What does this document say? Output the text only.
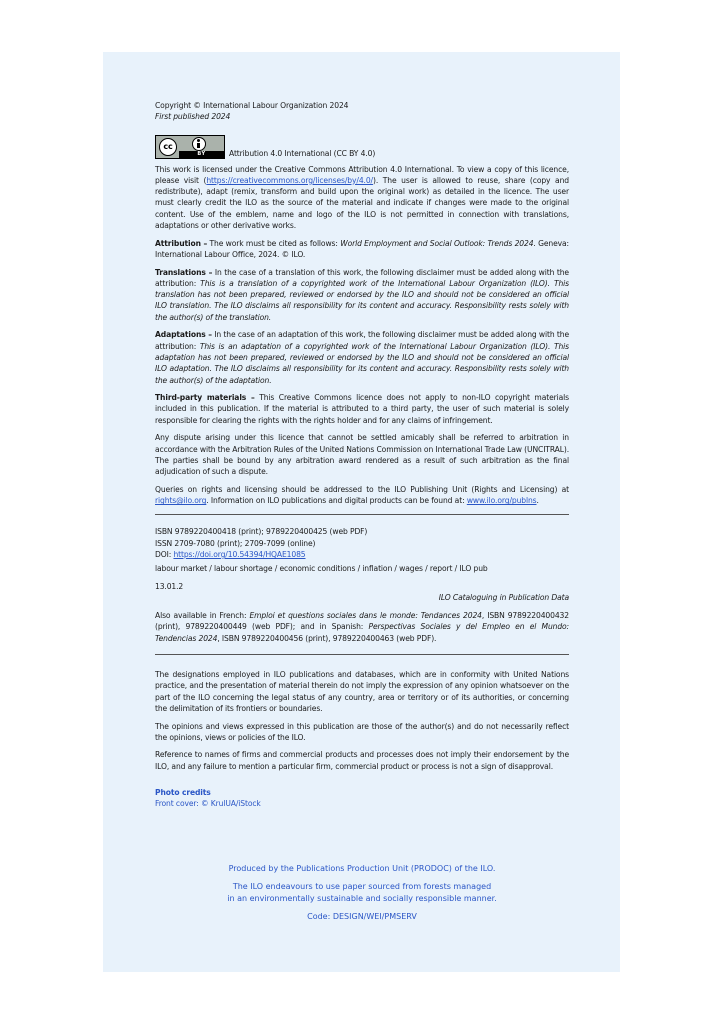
Copyright © International Labour Organization 2024

First published 2024

cc
BY	Attribution 4.0 International (CC BY 4.0)

This work is licensed under the Creative Commons Attribution 4.0 International. To view a copy of this licence, please visit (https://creativecommons.org/licenses/by/4.0/). The user is allowed to reuse, share (copy and redistribute), adapt (remix, transform and build upon the original work) as detailed in the licence. The user must clearly credit the ILO as the source of the material and indicate if changes were made to the original content. Use of the emblem, name and logo of the ILO is not permitted in connection with translations, adaptations or other derivative works.

Attribution – The work must be cited as follows: World Employment and Social Outlook: Trends 2024. Geneva: International Labour Office, 2024. © ILO.

Translations – In the case of a translation of this work, the following disclaimer must be added along with the attribution: This is a translation of a copyrighted work of the International Labour Organization (ILO). This translation has not been prepared, reviewed or endorsed by the ILO and should not be considered an official ILO translation. The ILO disclaims all responsibility for its content and accuracy. Responsibility rests solely with the author(s) of the translation.

Adaptations – In the case of an adaptation of this work, the following disclaimer must be added along with the attribution: This is an adaptation of a copyrighted work of the International Labour Organization (ILO). This adaptation has not been prepared, reviewed or endorsed by the ILO and should not be considered an official ILO adaptation. The ILO disclaims all responsibility for its content and accuracy. Responsibility rests solely with the author(s) of the adaptation.

Third-party materials – This Creative Commons licence does not apply to non-ILO copyright materials included in this publication. If the material is attributed to a third party, the user of such material is solely responsible for clearing the rights with the rights holder and for any claims of infringement.

Any dispute arising under this licence that cannot be settled amicably shall be referred to arbitration in accordance with the Arbitration Rules of the United Nations Commission on International Trade Law (UNCITRAL). The parties shall be bound by any arbitration award rendered as a result of such arbitration as the final adjudication of such a dispute.

Queries on rights and licensing should be addressed to the ILO Publishing Unit (Rights and Licensing) at rights@ilo.org. Information on ILO publications and digital products can be found at: www.ilo.org/publns.

ISBN 9789220400418 (print); 9789220400425 (web PDF)

ISSN 2709-7080 (print); 2709-7099 (online)

DOI: https://doi.org/10.54394/HQAE1085

labour market / labour shortage / economic conditions / inflation / wages / report / ILO pub

13.01.2

ILO Cataloguing in Publication Data

Also available in French: Emploi et questions sociales dans le monde: Tendances 2024, ISBN 9789220400432 (print), 9789220400449 (web PDF); and in Spanish: Perspectivas Sociales y del Empleo en el Mundo: Tendencias 2024, ISBN 9789220400456 (print), 9789220400463 (web PDF).

The designations employed in ILO publications and databases, which are in conformity with United Nations practice, and the presentation of material therein do not imply the expression of any opinion whatsoever on the part of the ILO concerning the legal status of any country, area or territory or of its authorities, or concerning the delimitation of its frontiers or boundaries.

The opinions and views expressed in this publication are those of the author(s) and do not necessarily reflect the opinions, views or policies of the ILO.

Reference to names of firms and commercial products and processes does not imply their endorsement by the ILO, and any failure to mention a particular firm, commercial product or process is not a sign of disapproval.

Photo credits

Front cover: © KrulUA/iStock

Produced by the Publications Production Unit (PRODOC) of the ILO.
The ILO endeavours to use paper sourced from forests managed
in an environmentally sustainable and socially responsible manner.
Code: DESIGN/WEI/PMSERV
